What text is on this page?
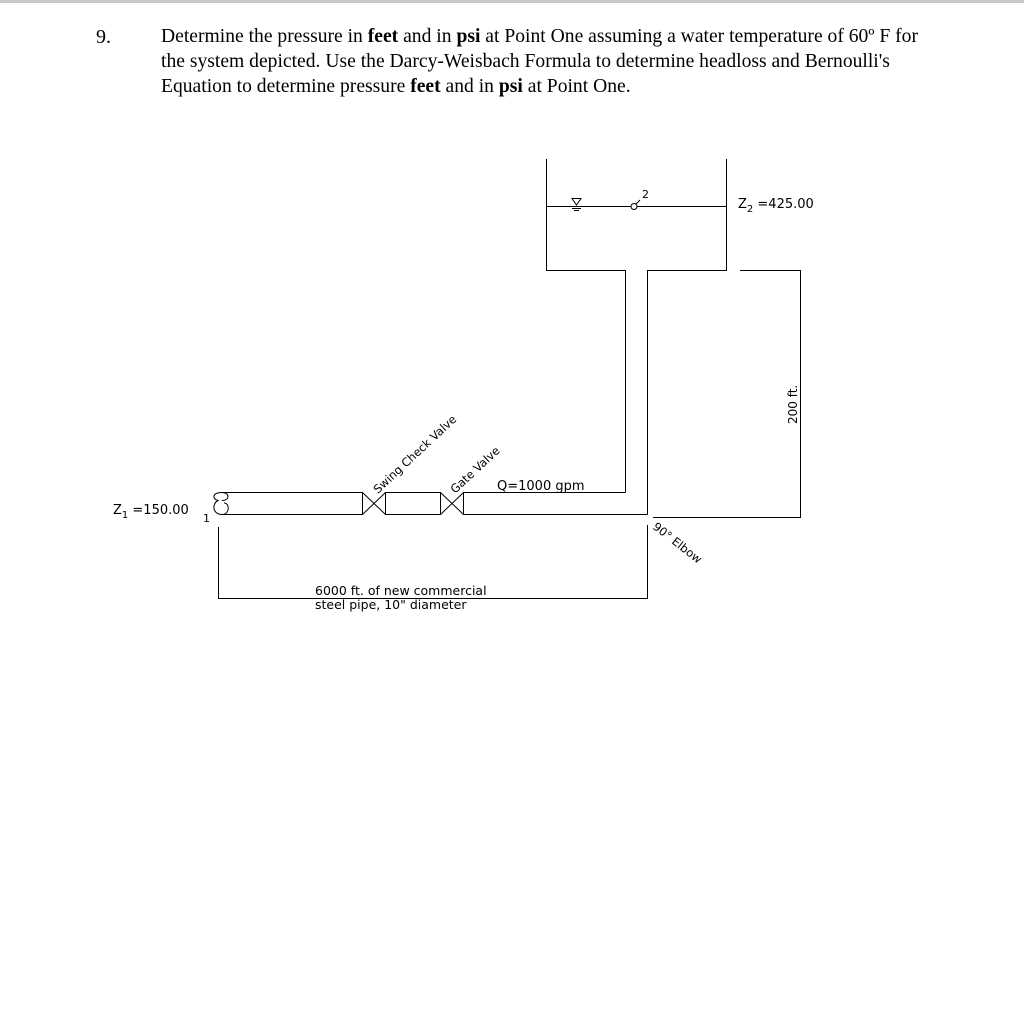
9.	Determine the pressure in feet and in psi at Point One assuming a water temperature of 60º F for the system depicted. Use the Darcy-Weisbach Formula to determine headloss and Bernoulli's Equation to determine pressure feet and in psi at Point One.
$Z_1 =150.00$
1
2
$Z_2 =425.00$
200 ft.
Swing Check Valve
Gate Valve
Q=1000 gpm
90° Elbow
6000 ft. of new commercial
steel pipe, 10" diameter
